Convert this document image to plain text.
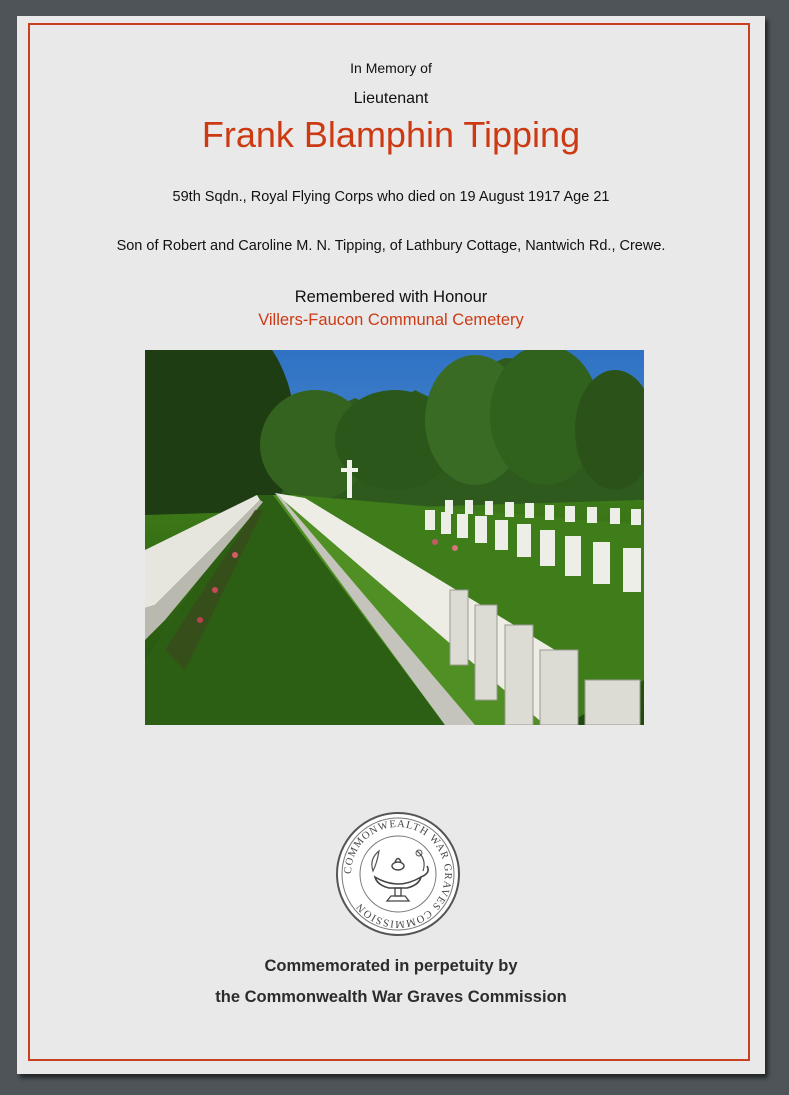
In Memory of
Lieutenant
Frank Blamphin Tipping
59th Sqdn., Royal Flying Corps who died on 19 August 1917 Age 21
Son of Robert and Caroline M. N. Tipping, of Lathbury Cottage, Nantwich Rd., Crewe.
Remembered with Honour
Villers-Faucon Communal Cemetery
COMMONWEALTH WAR GRAVES COMMISSION
Commemorated in perpetuity by
the Commonwealth War Graves Commission
